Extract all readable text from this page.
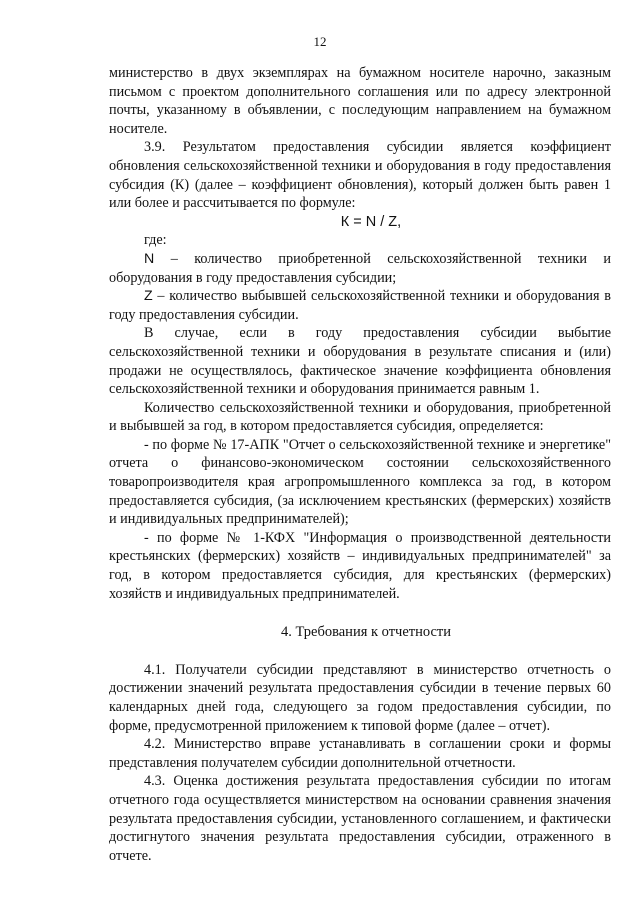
12

министерство в двух экземплярах на бумажном носителе нарочно, заказным письмом с проектом дополнительного соглашения или по адресу электронной почты, указанному в объявлении, с последующим направлением на бумажном носителе.

3.9. Результатом предоставления субсидии является коэффициент обновления сельскохозяйственной техники и оборудования в году предоставления субсидия (К) (далее – коэффициент обновления), который должен быть равен 1 или более и рассчитывается по формуле:

К = N / Z,

где:

N – количество приобретенной сельскохозяйственной техники и оборудования в году предоставления субсидии;

Z – количество выбывшей сельскохозяйственной техники и оборудования в году предоставления субсидии.

В случае, если в году предоставления субсидии выбытие сельскохозяйственной техники и оборудования в результате списания и (или) продажи не осуществлялось, фактическое значение коэффициента обновления сельскохозяйственной техники и оборудования принимается равным 1.

Количество сельскохозяйственной техники и оборудования, приобретенной и выбывшей за год, в котором предоставляется субсидия, определяется:

- по форме № 17-АПК "Отчет о сельскохозяйственной технике и энергетике" отчета о финансово-экономическом состоянии сельскохозяйственного товаропроизводителя края агропромышленного комплекса за год, в котором предоставляется субсидия, (за исключением крестьянских (фермерских) хозяйств и индивидуальных предпринимателей);

- по форме № 1-КФХ "Информация о производственной деятельности крестьянских (фермерских) хозяйств – индивидуальных предпринимателей" за год, в котором предоставляется субсидия, для крестьянских (фермерских) хозяйств и индивидуальных предпринимателей.

4. Требования к отчетности

4.1. Получатели субсидии представляют в министерство отчетность о достижении значений результата предоставления субсидии в течение первых 60 календарных дней года, следующего за годом предоставления субсидии, по форме, предусмотренной приложением к типовой форме (далее – отчет).

4.2. Министерство вправе устанавливать в соглашении сроки и формы представления получателем субсидии дополнительной отчетности.

4.3. Оценка достижения результата предоставления субсидии по итогам отчетного года осуществляется министерством на основании сравнения значения результата предоставления субсидии, установленного соглашением, и фактически достигнутого значения результата предоставления субсидии, отраженного в отчете.
